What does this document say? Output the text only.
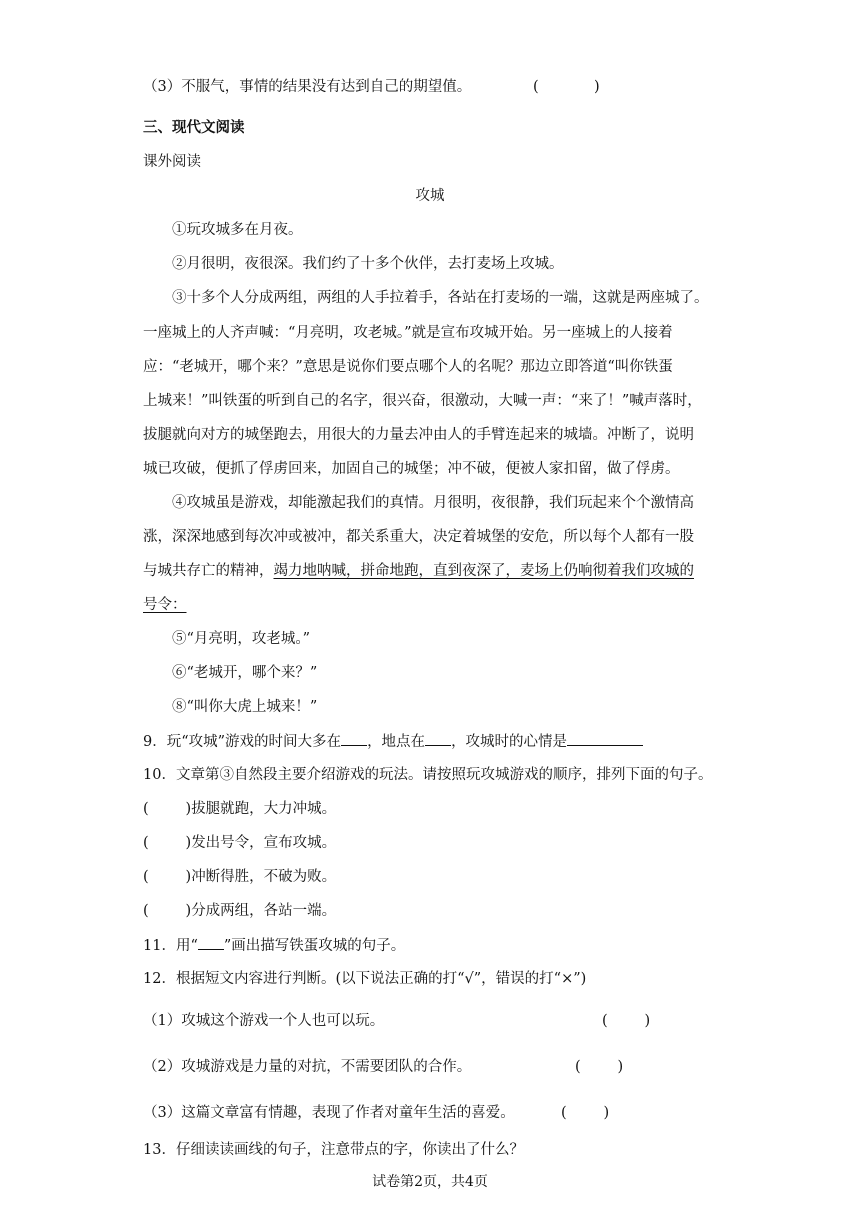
（3）不服气，事情的结果没有达到自己的期望值。	(            )
三、现代文阅读
课外阅读
攻城
①玩攻城多在月夜。
②月很明，夜很深。我们约了十多个伙伴，去打麦场上攻城。
③十多个人分成两组，两组的人手拉着手，各站在打麦场的一端，这就是两座城了。
一座城上的人齐声喊：“月亮明，攻老城。”就是宣布攻城开始。另一座城上的人接着
应：“老城开，哪个来？”意思是说你们要点哪个人的名呢？那边立即答道“叫你铁蛋
上城来！”叫铁蛋的听到自己的名字，很兴奋，很激动，大喊一声：“来了！”喊声落时，
拔腿就向对方的城堡跑去，用很大的力量去冲由人的手臂连起来的城墙。冲断了，说明
城已攻破，便抓了俘虏回来，加固自己的城堡；冲不破，便被人家扣留，做了俘虏。
④攻城虽是游戏，却能激起我们的真情。月很明，夜很静，我们玩起来个个激情高
涨，深深地感到每次冲或被冲，都关系重大，决定着城堡的安危，所以每个人都有一股
与城共存亡的精神，竭力地呐喊，拼命地跑，直到夜深了，麦场上仍响彻着我们攻城的
号令：
⑤“月亮明，攻老城。”
⑥“老城开，哪个来？”
⑧“叫你大虎上城来！”
9．玩“攻城”游戏的时间大多在 ，地点在 ，攻城时的心情是
10．文章第③自然段主要介绍游戏的玩法。请按照玩攻城游戏的顺序，排列下面的句子。
(        )拔腿就跑，大力冲城。
(        )发出号令，宣布攻城。
(        )冲断得胜，不破为败。
(        )分成两组，各站一端。
11．用“ ”画出描写铁蛋攻城的句子。
12．根据短文内容进行判断。(以下说法正确的打“√”，错误的打“×”)
（1）攻城这个游戏一个人也可以玩。	(        )
（2）攻城游戏是力量的对抗，不需要团队的合作。	(        )
（3）这篇文章富有情趣，表现了作者对童年生活的喜爱。	(        )
13．仔细读读画线的句子，注意带点的字，你读出了什么？
试卷第2页，共4页
